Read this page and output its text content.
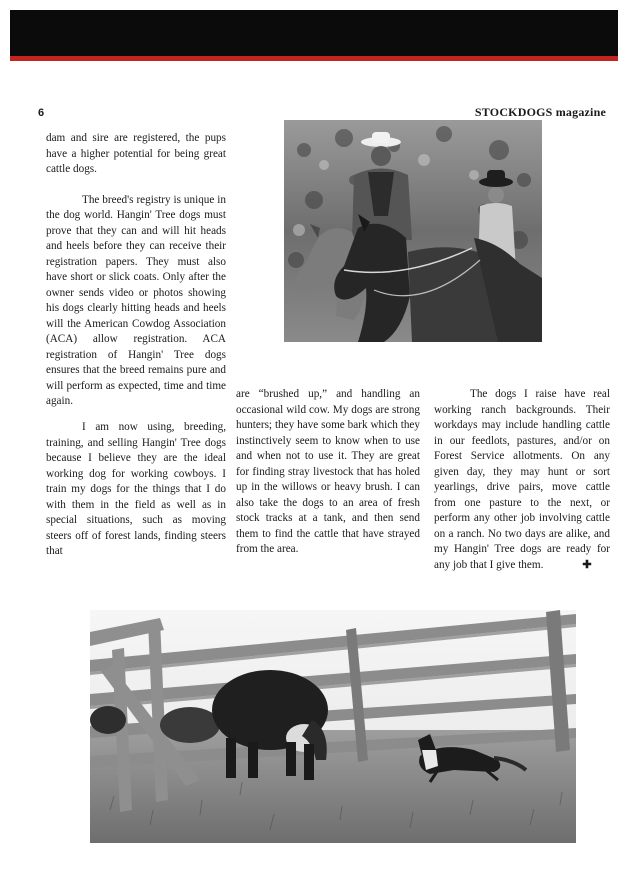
6	STOCKDOGS magazine

dam and sire are registered, the pups have a higher potential for being great cattle dogs.

The breed's registry is unique in the dog world. Hangin' Tree dogs must prove that they can and will hit heads and heels before they can receive their registration papers. They must also have short or slick coats. Only after the owner sends video or photos showing his dogs clearly hitting heads and heels will the American Cowdog Association (ACA) allow registration. ACA registration of Hangin' Tree dogs ensures that the breed remains pure and will perform as expected, time and time again.

I am now using, breeding, training, and selling Hangin' Tree dogs because I believe they are the ideal working dog for working cowboys. I train my dogs for the things that I do with them in the field as well as in special situations, such as moving steers off of forest lands, finding steers that

are “brushed up,” and handling an occasional wild cow. My dogs are strong hunters; they have some bark which they instinctively seem to know when to use and when not to use it. They are great for finding stray livestock that has holed up in the willows or heavy brush. I can also take the dogs to an area of fresh stock tracks at a tank, and then send them to find the cattle that have strayed from the area.

The dogs I raise have real working ranch backgrounds. Their workdays may include handling cattle in our feedlots, pastures, and/or on Forest Service allotments. On any given day, they may hunt or sort yearlings, drive pairs, move cattle from one pasture to the next, or perform any other job involving cattle on a ranch. No two days are alike, and my Hangin' Tree dogs are ready for any job that I give them.	✚
